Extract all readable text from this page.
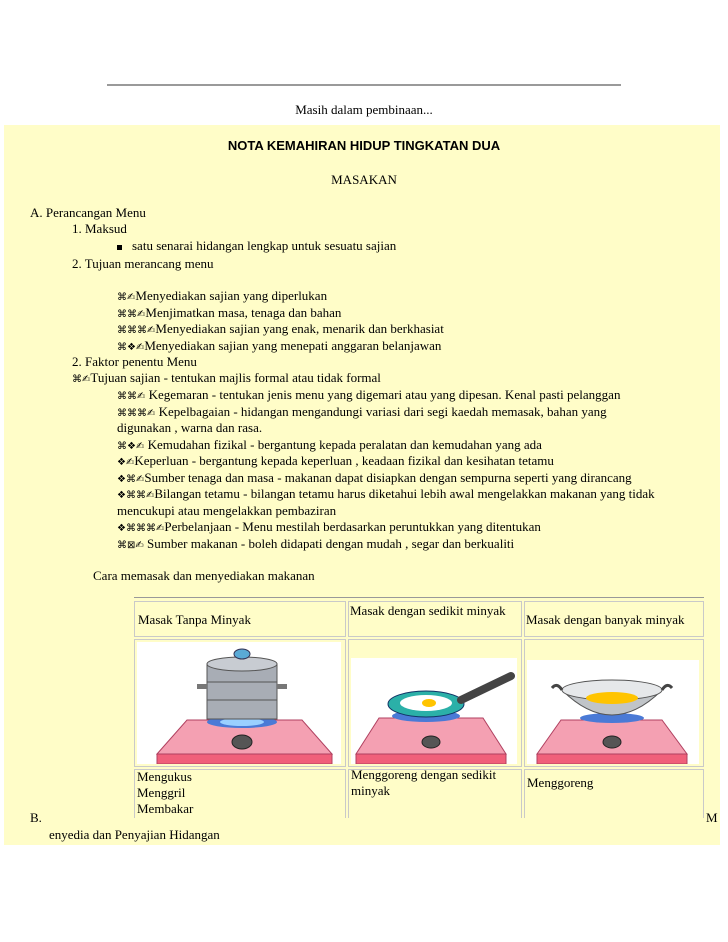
Masih dalam pembinaan...
NOTA KEMAHIRAN HIDUP TINGKATAN DUA
MASAKAN
A. Perancangan Menu
1. Maksud
satu senarai hidangan lengkap untuk sesuatu sajian
2. Tujuan merancang menu
⌘✍Menyediakan sajian yang diperlukan
⌘⌘✍Menjimatkan masa, tenaga dan bahan
⌘⌘⌘✍Menyediakan sajian yang enak, menarik dan berkhasiat
⌘❖✍Menyediakan sajian yang menepati anggaran belanjawan
2. Faktor penentu Menu
⌘✍Tujuan sajian - tentukan majlis formal atau tidak formal
⌘⌘✍ Kegemaran - tentukan jenis menu yang digemari atau yang dipesan. Kenal pasti pelanggan
⌘⌘⌘✍ Kepelbagaian - hidangan mengandungi variasi dari segi kaedah memasak, bahan yang
digunakan , warna dan rasa.
⌘❖✍ Kemudahan fizikal - bergantung kepada peralatan dan kemudahan yang ada
❖✍Keperluan - bergantung kepada keperluan , keadaan fizikal dan kesihatan tetamu
❖⌘✍Sumber tenaga dan masa - makanan dapat disiapkan dengan sempurna seperti yang dirancang
❖⌘⌘✍Bilangan tetamu - bilangan tetamu harus diketahui lebih awal mengelakkan makanan yang tidak
mencukupi atau mengelakkan pembaziran
❖⌘⌘⌘✍Perbelanjaan - Menu mestilah berdasarkan peruntukkan yang ditentukan
⌘⊠✍ Sumber makanan - boleh didapati dengan mudah , segar dan berkualiti
Cara memasak dan menyediakan makanan
Masak Tanpa Minyak
Masak dengan sedikit minyak
Masak dengan banyak minyak
Mengukus
Menggril
Membakar
Menggoreng dengan sedikit
minyak
Menggoreng
B.	M
enyedia dan Penyajian Hidangan
